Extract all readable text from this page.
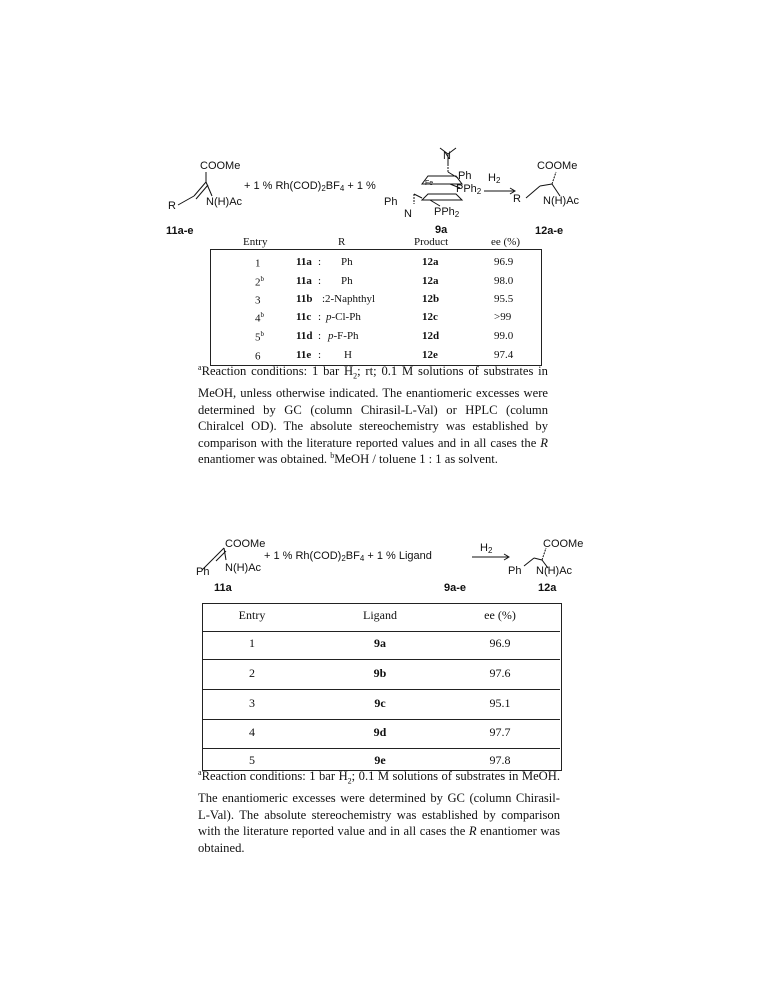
COOMe
R	N(H)Ac
+ 1 % $Rh(COD)_2BF_4 + 1$ %
N
Ph
PPh$_2$
Ph
Fe
N PPh$_2$
$H_2$
COOMe
R N(H)Ac
11a-e	9a	12a-e
Entry	R	Product	ee (%)
1	11a : Ph	12a	96.9
2$^b$	11a : Ph	12a	98.0
3	11b : 2-Naphthyl	12b	95.5
4$^b$	11c : p-Cl-Ph	12c	>99
5$^b$	11d : p-F-Ph	12d	99.0
6	11e : H	12e	97.4

$^a$Reaction conditions: 1 bar $H_2$; rt; 0.1 M solutions of substrates in MeOH, unless otherwise indicated. The enantiomeric excesses were determined by GC (column Chirasil-L-Val) or HPLC (column Chiralcel OD). The absolute stereochemistry was established by comparison with the literature reported values and in all cases the R enantiomer was obtained. $^b$MeOH / toluene 1 : 1 as solvent.

COOMe
Ph N(H)Ac
+ 1 % $Rh(COD)_2BF_4 + 1$ % Ligand
$H_2$
COOMe
Ph N(H)Ac
11a	9a-e	12a
Entry	Ligand	ee (%)
1	9a	96.9
2	9b	97.6
3	9c	95.1
4	9d	97.7
5	9e	97.8

$^a$Reaction conditions: 1 bar $H_2$; 0.1 M solutions of substrates in MeOH. The enantiomeric excesses were determined by GC (column Chirasil-L-Val). The absolute stereochemistry was established by comparison with the literature reported value and in all cases the R enantiomer was obtained.
